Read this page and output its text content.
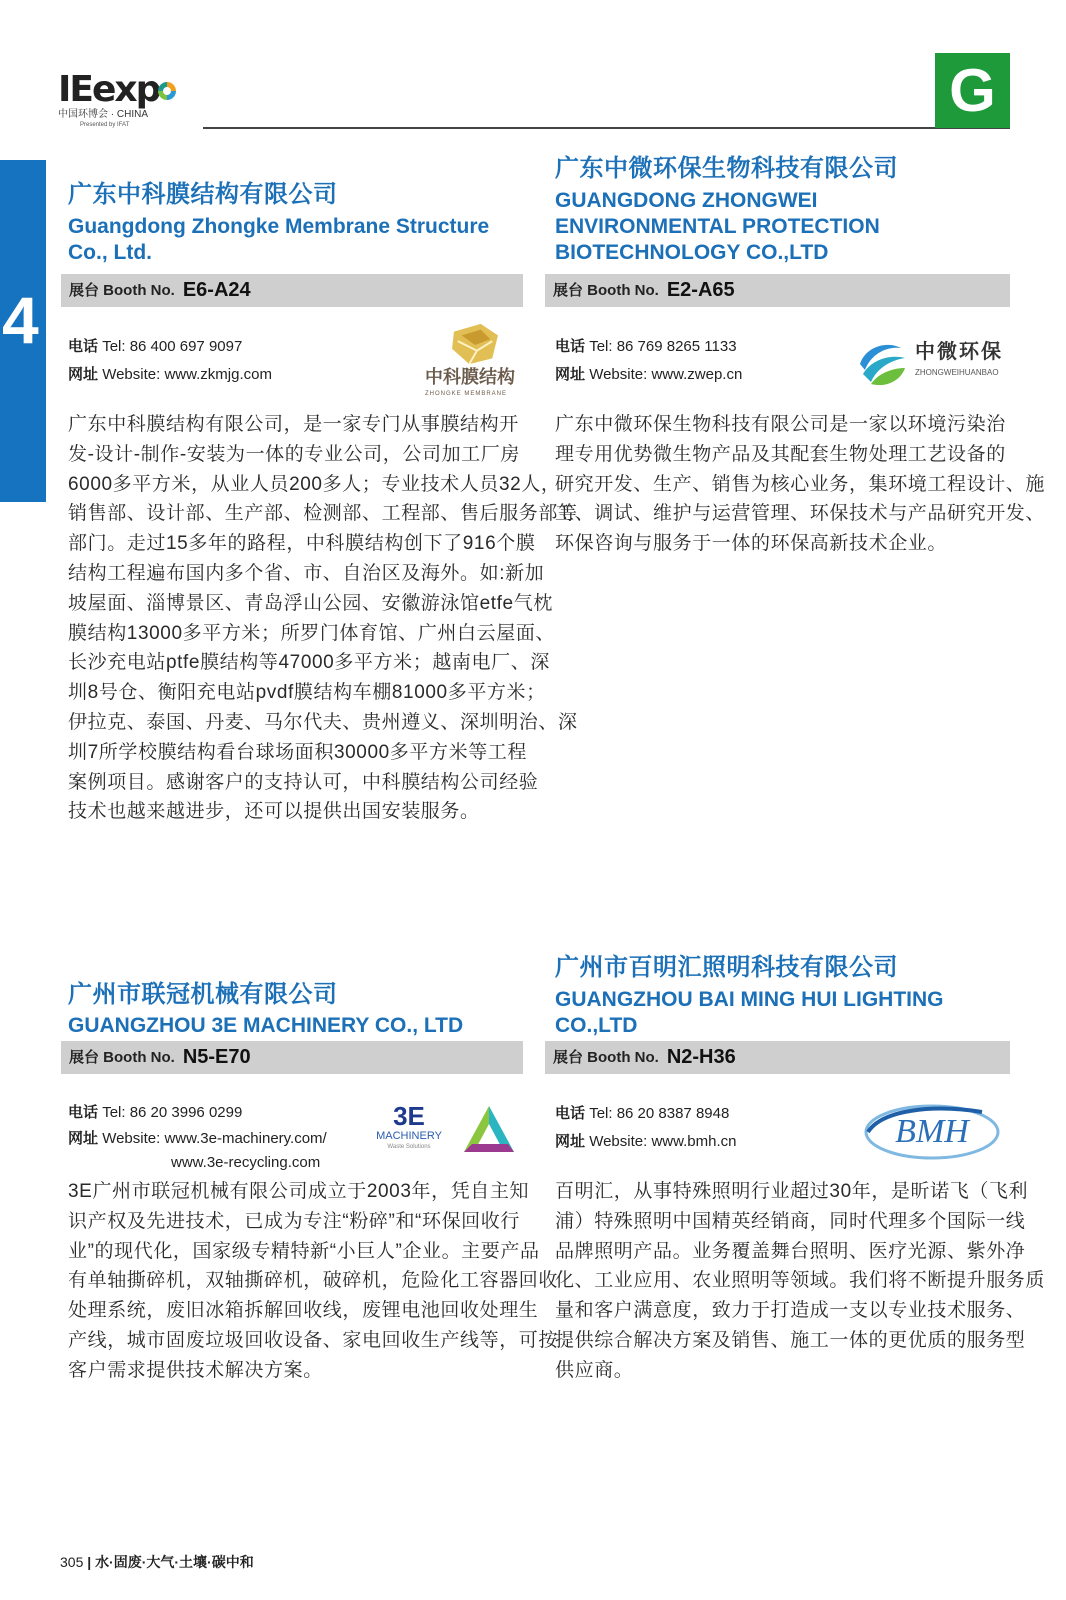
IEexp
中国环博会 · CHINA
Presented by IFAT
G
4
广东中科膜结构有限公司
Guangdong Zhongke Membrane Structure
Co., Ltd.
展台 Booth No. E6-A24
电话 Tel: 86 400 697 9097
网址 Website: www.zkmjg.com	中科膜结构
ZHONGKE MEMBRANE
广东中科膜结构有限公司，是一家专门从事膜结构开
发-设计-制作-安装为一体的专业公司，公司加工厂房
6000多平方米，从业人员200多人；专业技术人员32人，
销售部、设计部、生产部、检测部、工程部、售后服务部等
部门。走过15多年的路程，中科膜结构创下了916个膜
结构工程遍布国内多个省、市、自治区及海外。如:新加
坡屋面、淄博景区、青岛浮山公园、安徽游泳馆etfe气枕
膜结构13000多平方米；所罗门体育馆、广州白云屋面、
长沙充电站ptfe膜结构等47000多平方米；越南电厂、深
圳8号仓、衡阳充电站pvdf膜结构车棚81000多平方米；
伊拉克、泰国、丹麦、马尔代夫、贵州遵义、深圳明治、深
圳7所学校膜结构看台球场面积30000多平方米等工程
案例项目。感谢客户的支持认可，中科膜结构公司经验
技术也越来越进步，还可以提供出国安装服务。
广东中微环保生物科技有限公司
GUANGDONG ZHONGWEI
ENVIRONMENTAL PROTECTION
BIOTECHNOLOGY CO.,LTD
展台 Booth No. E2-A65
电话 Tel: 86 769 8265 1133
网址 Website: www.zwep.cn
中微环保
ZHONGWEIHUANBAO
广东中微环保生物科技有限公司是一家以环境污染治
理专用优势微生物产品及其配套生物处理工艺设备的
研究开发、生产、销售为核心业务，集环境工程设计、施
工、调试、维护与运营管理、环保技术与产品研究开发、
环保咨询与服务于一体的环保高新技术企业。
广州市联冠机械有限公司
GUANGZHOU 3E MACHINERY CO., LTD
展台 Booth No. N5-E70
电话 Tel: 86 20 3996 0299
网址 Website: www.3e-machinery.com/
www.3e-recycling.com
3E
MACHINERY
Waste Solutions
3E广州市联冠机械有限公司成立于2003年，凭自主知
识产权及先进技术，已成为专注“粉碎”和“环保回收行
业”的现代化，国家级专精特新“小巨人”企业。主要产品
有单轴撕碎机，双轴撕碎机，破碎机，危险化工容器回收
处理系统，废旧冰箱拆解回收线，废锂电池回收处理生
产线，城市固废垃圾回收设备、家电回收生产线等，可按
客户需求提供技术解决方案。
广州市百明汇照明科技有限公司
GUANGZHOU BAI MING HUI LIGHTING
CO.,LTD
展台 Booth No. N2-H36
电话 Tel: 86 20 8387 8948
网址 Website: www.bmh.cn	BMH
百明汇，从事特殊照明行业超过30年，是昕诺飞（飞利
浦）特殊照明中国精英经销商，同时代理多个国际一线
品牌照明产品。业务覆盖舞台照明、医疗光源、紫外净
化、工业应用、农业照明等领域。我们将不断提升服务质
量和客户满意度，致力于打造成一支以专业技术服务、
提供综合解决方案及销售、施工一体的更优质的服务型
供应商。
305 | 水·固废·大气·土壤·碳中和
